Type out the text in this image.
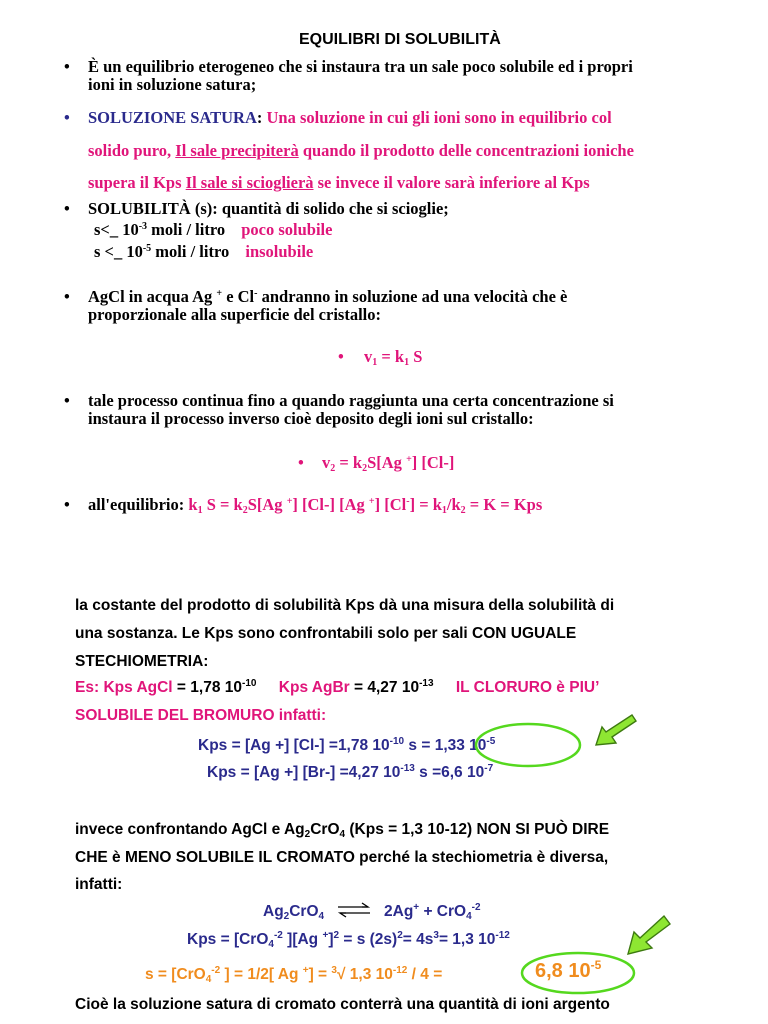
EQUILIBRI DI SOLUBILITÀ
• È un equilibrio eterogeneo che si instaura tra un sale poco solubile ed i propri
ioni in soluzione satura;
• SOLUZIONE SATURA: Una soluzione in cui gli ioni sono in equilibrio col
solido puro, Il sale precipiterà quando il prodotto delle concentrazioni ioniche
supera il Kps Il sale si scioglierà se invece il valore sarà inferiore al Kps
• SOLUBILITÀ (s): quantità di solido che si scioglie;
s<_ $10^{-3}$ moli / litro poco solubile
s <_ $10^{-5}$ moli / litro insolubile
• AgCl in acqua Ag + e Cl- andranno in soluzione ad una velocità che è
proporzionale alla superficie del cristallo:
• $v_1 = k_1$ S
• tale processo continua fino a quando raggiunta una certa concentrazione si
instaura il processo inverso cioè deposito degli ioni sul cristallo:
• $v_2 = k_2S[Ag$ +] [Cl-]
• all'equilibrio: $k_1$ $S = k_2S[Ag$ +] [Cl-] [Ag +] $[Cl^-] = k_1/k_2 = K$ = Kps
la costante del prodotto di solubilità Kps dà una misura della solubilità di
una sostanza. Le Kps sono confrontabili solo per sali CON UGUALE
STECHIOMETRIA:
Es: Kps AgCl = 1,78 $10^{-10}$ Kps AgBr = 4,27 $10^{-13}$ IL CLORURO è PIU’
SOLUBILE DEL BROMURO infatti:
Kps = [Ag +] [Cl-] =1,78 $10^{-10}$ s = 1,33 $10^{-5}$
Kps = [Ag +] [Br-] =4,27 $10^{-13}$ s =6,6 $10^{-7}$
invece confrontando AgCl e $Ag_2CrO_4$ (Kps = 1,3 10-12) NON SI PUÒ DIRE
CHE è MENO SOLUBILE IL CROMATO perché la stechiometria è diversa,
infatti:
$Ag_2CrO_4$ ⇌ 2Ag+ + CrO$_4^{-2}$
Kps = [CrO$_4^{-2}$ ][Ag +]$^2$ = s $(2s)^2= 4s^3= 1,3$ $10^{-12}$
s = [CrO$_4^{-2}$ ] = 1/2[ Ag +] = $^3$√ 1,3 $10^{-12} / 4$ =	6,8 $10^{-5}$
Cioè la soluzione satura di cromato conterrà una quantità di ioni argento
